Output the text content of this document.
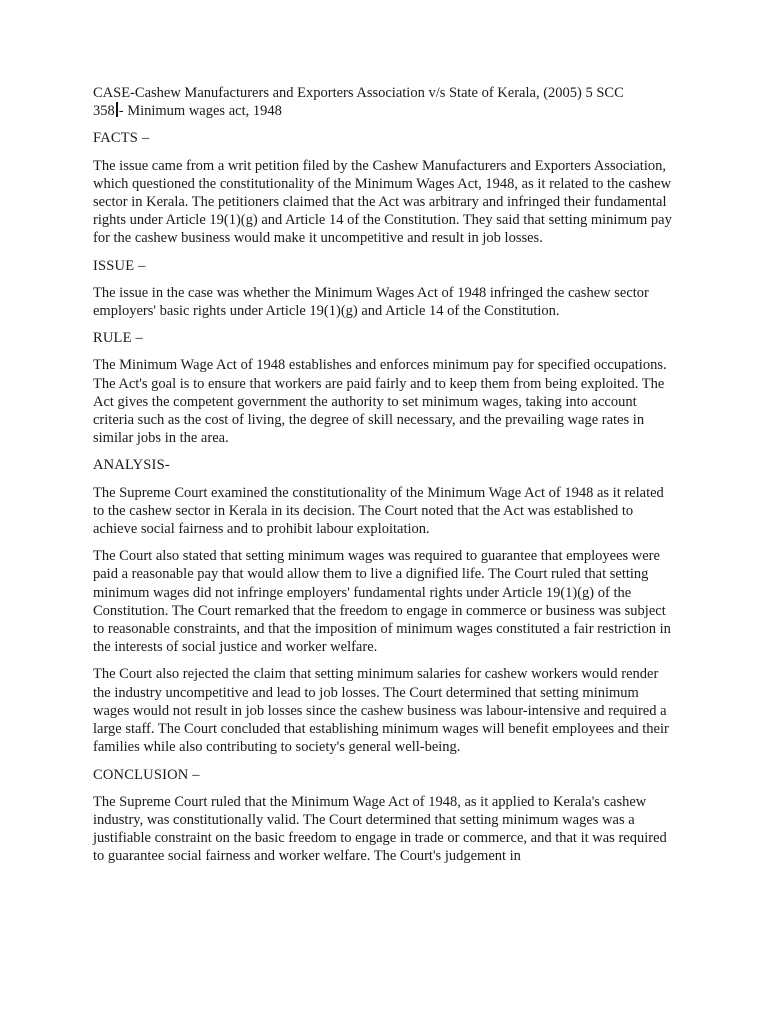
CASE-Cashew Manufacturers and Exporters Association v/s State of Kerala, (2005) 5 SCC
358 - Minimum wages act, 1948

FACTS –

The issue came from a writ petition filed by the Cashew Manufacturers and Exporters Association, which questioned the constitutionality of the Minimum Wages Act, 1948, as it related to the cashew sector in Kerala. The petitioners claimed that the Act was arbitrary and infringed their fundamental rights under Article 19(1)(g) and Article 14 of the Constitution. They said that setting minimum pay for the cashew business would make it uncompetitive and result in job losses.

ISSUE –

The issue in the case was whether the Minimum Wages Act of 1948 infringed the cashew sector employers' basic rights under Article 19(1)(g) and Article 14 of the Constitution.

RULE –

The Minimum Wage Act of 1948 establishes and enforces minimum pay for specified occupations. The Act's goal is to ensure that workers are paid fairly and to keep them from being exploited. The Act gives the competent government the authority to set minimum wages, taking into account criteria such as the cost of living, the degree of skill necessary, and the prevailing wage rates in similar jobs in the area.

ANALYSIS-

The Supreme Court examined the constitutionality of the Minimum Wage Act of 1948 as it related to the cashew sector in Kerala in its decision. The Court noted that the Act was established to achieve social fairness and to prohibit labour exploitation.

The Court also stated that setting minimum wages was required to guarantee that employees were paid a reasonable pay that would allow them to live a dignified life. The Court ruled that setting minimum wages did not infringe employers' fundamental rights under Article 19(1)(g) of the Constitution. The Court remarked that the freedom to engage in commerce or business was subject to reasonable constraints, and that the imposition of minimum wages constituted a fair restriction in the interests of social justice and worker welfare.

The Court also rejected the claim that setting minimum salaries for cashew workers would render the industry uncompetitive and lead to job losses. The Court determined that setting minimum wages would not result in job losses since the cashew business was labour-intensive and required a large staff. The Court concluded that establishing minimum wages will benefit employees and their families while also contributing to society's general well-being.

CONCLUSION –

The Supreme Court ruled that the Minimum Wage Act of 1948, as it applied to Kerala's cashew industry, was constitutionally valid. The Court determined that setting minimum wages was a justifiable constraint on the basic freedom to engage in trade or commerce, and that it was required to guarantee social fairness and worker welfare. The Court's judgement in
